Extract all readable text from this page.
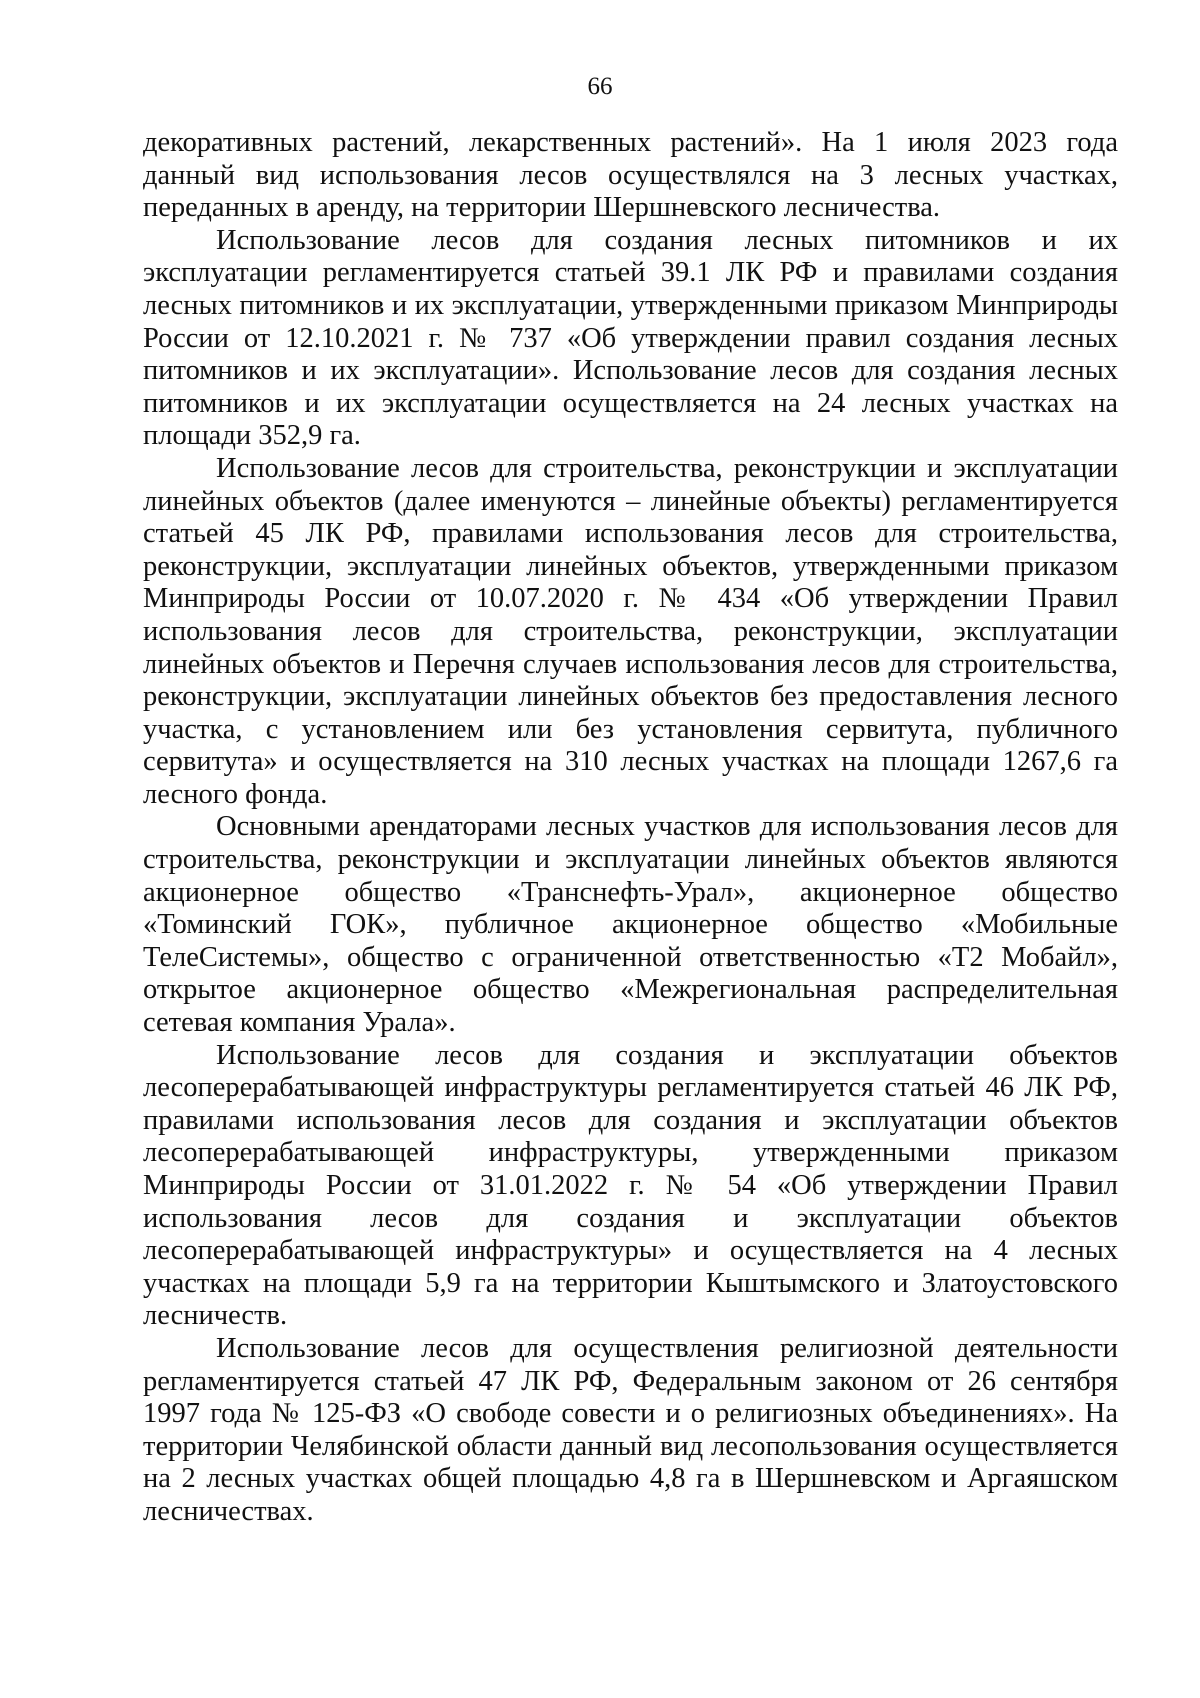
66

декоративных растений, лекарственных растений». На 1 июля 2023 года данный вид использования лесов осуществлялся на 3 лесных участках, переданных в аренду, на территории Шершневского лесничества.

Использование лесов для создания лесных питомников и их эксплуатации регламентируется статьей 39.1 ЛК РФ и правилами создания лесных питомников и их эксплуатации, утвержденными приказом Минприроды России от 12.10.2021 г. № 737 «Об утверждении правил создания лесных питомников и их эксплуатации». Использование лесов для создания лесных питомников и их эксплуатации осуществляется на 24 лесных участках на площади 352,9 га.

Использование лесов для строительства, реконструкции и эксплуатации линейных объектов (далее именуются – линейные объекты) регламентируется статьей 45 ЛК РФ, правилами использования лесов для строительства, реконструкции, эксплуатации линейных объектов, утвержденными приказом Минприроды России от 10.07.2020 г. № 434 «Об утверждении Правил использования лесов для строительства, реконструкции, эксплуатации линейных объектов и Перечня случаев использования лесов для строительства, реконструкции, эксплуатации линейных объектов без предоставления лесного участка, с установлением или без установления сервитута, публичного сервитута» и осуществляется на 310 лесных участках на площади 1267,6 га лесного фонда.

Основными арендаторами лесных участков для использования лесов для строительства, реконструкции и эксплуатации линейных объектов являются акционерное общество «Транснефть-Урал», акционерное общество «Томинский ГОК», публичное акционерное общество «Мобильные ТелеСистемы», общество с ограниченной ответственностью «Т2 Мобайл», открытое акционерное общество «Межрегиональная распределительная сетевая компания Урала».

Использование лесов для создания и эксплуатации объектов лесоперерабатывающей инфраструктуры регламентируется статьей 46 ЛК РФ, правилами использования лесов для создания и эксплуатации объектов лесоперерабатывающей инфраструктуры, утвержденными приказом Минприроды России от 31.01.2022 г. № 54 «Об утверждении Правил использования лесов для создания и эксплуатации объектов лесоперерабатывающей инфраструктуры» и осуществляется на 4 лесных участках на площади 5,9 га на территории Кыштымского и Златоустовского лесничеств.

Использование лесов для осуществления религиозной деятельности регламентируется статьей 47 ЛК РФ, Федеральным законом от 26 сентября 1997 года № 125-ФЗ «О свободе совести и о религиозных объединениях». На территории Челябинской области данный вид лесопользования осуществляется на 2 лесных участках общей площадью 4,8 га в Шершневском и Аргаяшском лесничествах.
